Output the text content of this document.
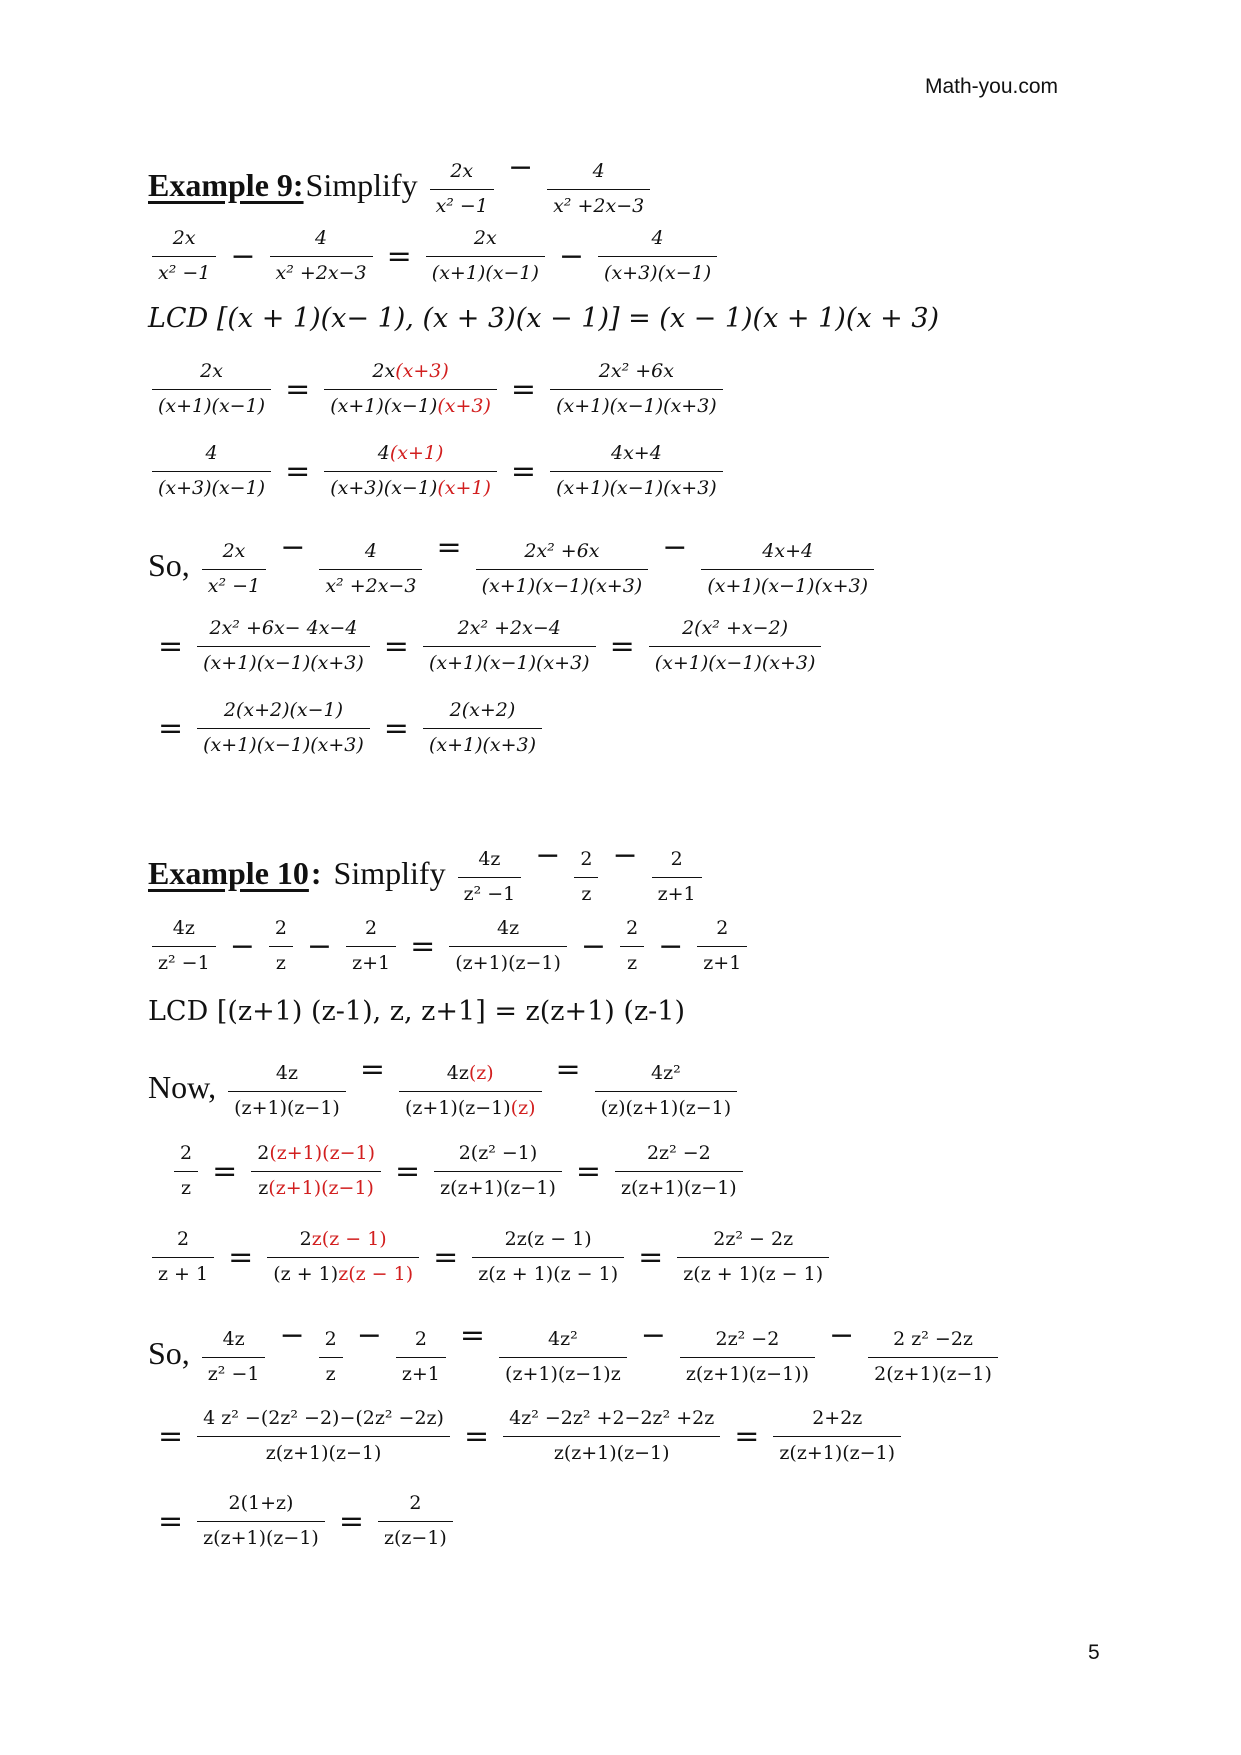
Math-you.com
Example 9: Simplify $\frac{2x}{\text{x² −1}} - \frac{4}{\text{x² +2x−3}}$
$\frac{2x}{\text{x² −1}} - \frac{4}{\text{x² +2x−3}} = \frac{2x}{(x+1)(x-1)} - \frac{4}{(x+3)(x-1)}$
LCD [(x + 1)(x− 1), (x + 3)(x − 1)] = (x − 1)(x + 1)(x + 3)
$\frac{2x}{(x+1)(x-1)} = \frac{2x(x+3)}{(x+1)(x-1)(x+3)} = \frac{\text{2x² +6x}}{(x+1)(x-1)(x+3)}$
$\frac{4}{(x+3)(x-1)} = \frac{4(x+1)}{(x+3)(x-1)(x+1)} = \frac{4x+4}{(x+1)(x-1)(x+3)}$
So, $\frac{2x}{\text{x² −1}} - \frac{4}{\text{x² +2x−3}} = \frac{\text{2x² +6x}}{(x+1)(x-1)(x+3)} - \frac{4x+4}{(x+1)(x-1)(x+3)}$
= $\frac{\text{2x² +6x− 4x−4}}{(x+1)(x-1)(x+3)} = \frac{\text{2x² +2x−4}}{(x+1)(x-1)(x+3)} = \frac{\text{2(x² +x−2)}}{(x+1)(x-1)(x+3)}$
= $\frac{2(x+2)(x-1)}{(x+1)(x-1)(x+3)} = \frac{2(x+2)}{(x+1)(x+3)}$
Example 10 : Simplify $\frac{4z}{\text{z² −1}} - \frac{2}{z} - \frac{2}{z+1}$
$\frac{4z}{\text{z² −1}} - \frac{2}{z} - \frac{2}{z+1} = \frac{4z}{(z+1)(z-1)} - \frac{2}{z} - \frac{2}{z+1}$
LCD [(z+1) (z-1), z, z+1] = z(z+1) (z-1)
Now, $\frac{4z}{(z+1)(z-1)} = \frac{4z(z)}{(z+1)(z-1)(z)} = \frac{\text{4z²}}{(z)(z+1)(z-1)}$
$\frac{2}{z} = \frac{2(z+1)(z-1)}{z(z+1)(z-1)} = \frac{\text{2(z² −1)}}{z(z+1)(z-1)} = \frac{\text{2z² −2}}{z(z+1)(z-1)}$
$\frac{2}{z + 1} = \frac{2z(z - 1)}{(z + 1)z(z - 1)} = \frac{2z(z - 1)}{z(z + 1)(z - 1)} = \frac{\text{2z² − 2z}}{z(z + 1)(z - 1)}$
So, $\frac{4z}{\text{z² −1}} - \frac{2}{z} - \frac{2}{z+1} = \frac{\text{4z²}}{(z+1)(z-1)z} - \frac{\text{2z² −2}}{z(z+1)(z-1))} - \frac{\text{2 z² −2z}}{2(z+1)(z-1)}$
= $\frac{\text{4 z² −(2z² −2)−(2z² −2z)}}{z(z+1)(z-1)} = \frac{\text{4z² −2z² +2−2z² +2z}}{z(z+1)(z-1)} = \frac{2+2z}{z(z+1)(z-1)}$
= $\frac{2(1+z)}{z(z+1)(z-1)} = \frac{2}{z(z-1)}$
5
